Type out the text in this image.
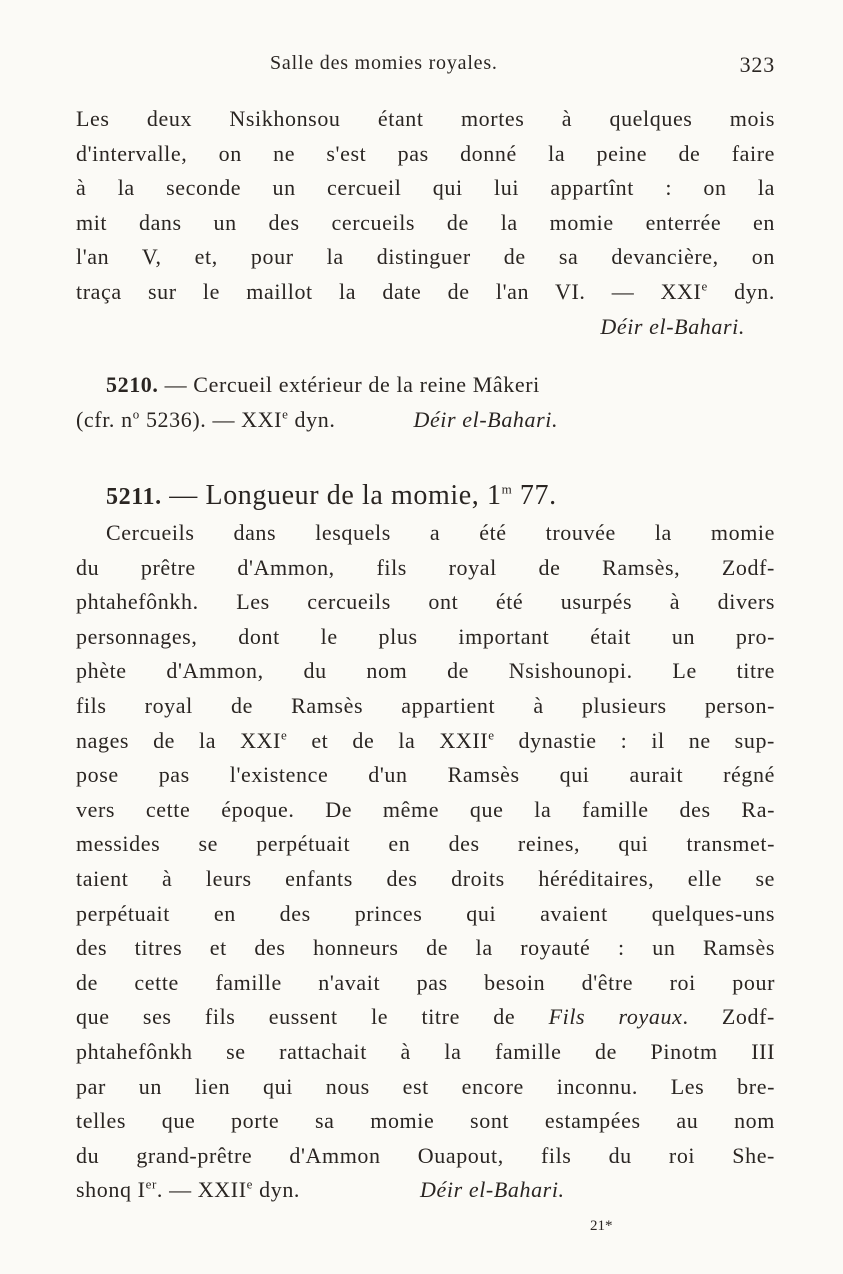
Salle des momies royales.	323
Les deux Nsikhonsou étant mortes à quelques mois
d'intervalle, on ne s'est pas donné la peine de faire
à la seconde un cercueil qui lui appartînt : on la
mit dans un des cercueils de la momie enterrée en
l'an V, et, pour la distinguer de sa devancière, on
traça sur le maillot la date de l'an VI. — XXIe dyn.
Déir el-Bahari.
5210. — Cercueil extérieur de la reine Mâkeri
(cfr. $n^o$ 5236). — XXIe dyn.	Déir el-Bahari.
5211. — Longueur de la momie, 1$^m$ 77.
Cercueils dans lesquels a été trouvée la momie
du prêtre d'Ammon, fils royal de Ramsès, Zodf-
phtahefônkh. Les cercueils ont été usurpés à divers
personnages, dont le plus important était un pro-
phète d'Ammon, du nom de Nsishounopi. Le titre
fils royal de Ramsès appartient à plusieurs person-
nages de la XXIe et de la XXIIe dynastie : il ne sup-
pose pas l'existence d'un Ramsès qui aurait régné
vers cette époque. De même que la famille des Ra-
messides se perpétuait en des reines, qui transmet-
taient à leurs enfants des droits héréditaires, elle se
perpétuait en des princes qui avaient quelques-uns
des titres et des honneurs de la royauté : un Ramsès
de cette famille n'avait pas besoin d'être roi pour
que ses fils eussent le titre de Fils royaux. Zodf-
phtahefônkh se rattachait à la famille de Pinotm III
par un lien qui nous est encore inconnu. Les bre-
telles que porte sa momie sont estampées au nom
du grand-prêtre d'Ammon Ouapout, fils du roi She-
shonq Ier. — XXIIe dyn.	Déir el-Bahari.
21*
